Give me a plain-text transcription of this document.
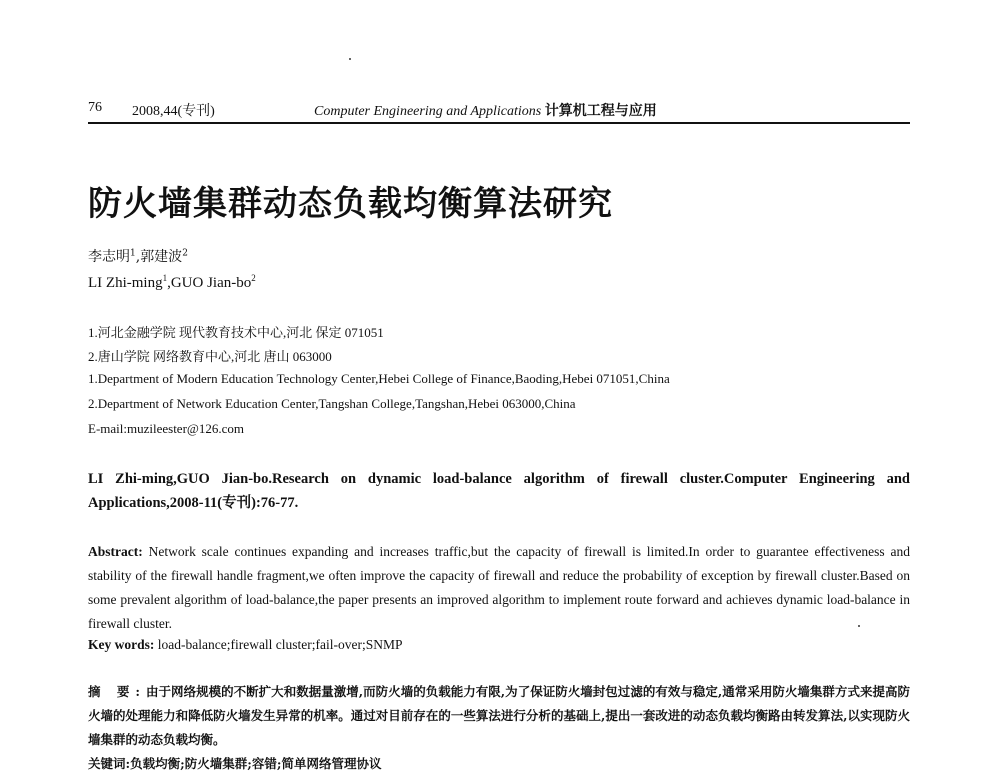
76 2008,44(专刊)	Computer Engineering and Applications 计算机工程与应用
防火墙集群动态负载均衡算法研究
李志明$^1$,郭建波$^2$
LI Zhi-ming$^1$,GUO Jian-$bo^2$
1.河北金融学院 现代教育技术中心,河北 保定 071051
2.唐山学院 网络教育中心,河北 唐山 063000
1.Department of Modern Education Technology Center,Hebei College of Finance,Baoding,Hebei 071051,China
2.Department of Network Education Center,Tangshan College,Tangshan,Hebei 063000,China
E-mail:muzileester@126.com
LI Zhi-ming,GUO Jian-bo.Research on dynamic load-balance algorithm of firewall cluster.Computer Engineering and Applications,2008-11(专刊):76-77.
Abstract: Network scale continues expanding and increases traffic,but the capacity of firewall is limited.In order to guarantee effectiveness and stability of the firewall handle fragment,we often improve the capacity of firewall and reduce the probability of exception by firewall cluster.Based on some prevalent algorithm of load-balance,the paper presents an improved algorithm to implement route forward and achieves dynamic load-balance in firewall cluster.
Key words: load-balance;firewall cluster;fail-over;SNMP
摘 要:由于网络规模的不断扩大和数据量激增,而防火墙的负载能力有限,为了保证防火墙封包过滤的有效与稳定,通常采用防火墙集群方式来提高防火墙的处理能力和降低防火墙发生异常的机率。通过对目前存在的一些算法进行分析的基础上,提出一套改进的动态负载均衡路由转发算法,以实现防火墙集群的动态负载均衡。
关键词:负载均衡;防火墙集群;容错;简单网络管理协议
